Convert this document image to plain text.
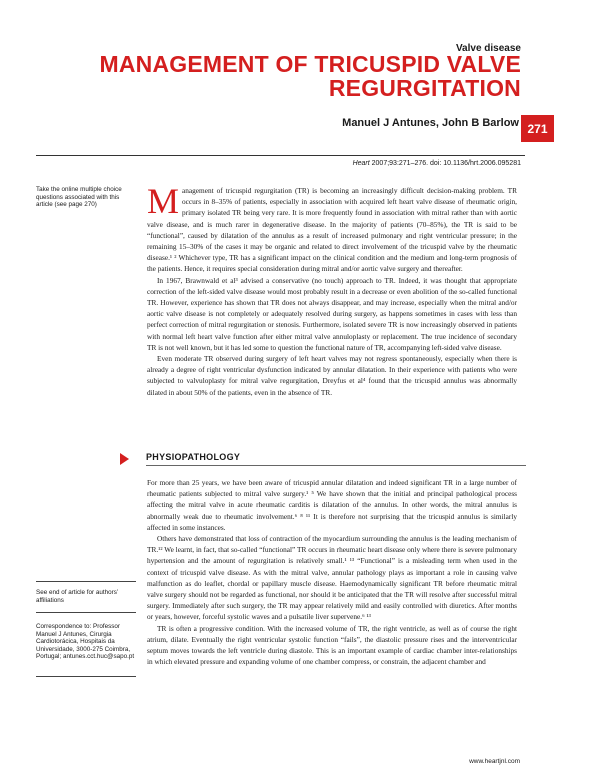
Valve disease
MANAGEMENT OF TRICUSPID VALVE
REGURGITATION
Manuel J Antunes, John B Barlow 271
Heart 2007;93:271–276. doi: 10.1136/hrt.2006.095281
Take the online multiple choice questions associated with this article (see page 270)
See end of article for authors’ affiliations
Correspondence to: Professor Manuel J Antunes, Cirurgia Cardiotorácica, Hospitais da Universidade, 3000-275 Coimbra, Portugal; antunes.cct.huc@sapo.pt

Management of tricuspid regurgitation (TR) is becoming an increasingly difficult decision-making problem. TR occurs in 8–35% of patients, especially in association with acquired left heart valve disease of rheumatic origin, primary isolated TR being very rare. It is more frequently found in association with mitral rather than with aortic valve disease, and is much rarer in degenerative disease. In the majority of patients (70–85%), the TR is said to be “functional”, caused by dilatation of the annulus as a result of increased pulmonary and right ventricular pressure; in the remaining 15–30% of the cases it may be organic and related to direct involvement of the tricuspid valve by the rheumatic disease.¹ ² Whichever type, TR has a significant impact on the clinical condition and the medium and long-term prognosis of the patients. Hence, it requires special consideration during mitral and/or aortic valve surgery and thereafter.

In 1967, Brawnwald et al³ advised a conservative (no touch) approach to TR. Indeed, it was thought that appropriate correction of the left-sided valve disease would most probably result in a decrease or even abolition of the so-called functional TR. However, experience has shown that TR does not always disappear, and may increase, especially when the mitral and/or aortic valve disease is not completely or adequately resolved during surgery, as happens sometimes in cases with less than perfect correction of mitral regurgitation or stenosis. Furthermore, isolated severe TR is now increasingly observed in patients with normal left heart valve function after either mitral valve annuloplasty or replacement. The true incidence of secondary TR is not well known, but it has led some to question the functional nature of TR, accompanying left-sided valve disease.

Even moderate TR observed during surgery of left heart valves may not regress spontaneously, especially when there is already a degree of right ventricular dysfunction indicated by annular dilatation. In their experience with patients who were subjected to valvuloplasty for mitral valve regurgitation, Dreyfus et al⁴ found that the tricuspid annulus was abnormally dilated in about 50% of the patients, even in the absence of TR.

PHYSIOPATHOLOGY

For more than 25 years, we have been aware of tricuspid annular dilatation and indeed significant TR in a large number of rheumatic patients subjected to mitral valve surgery.¹ ⁵ We have shown that the initial and principal pathological process affecting the mitral valve in acute rheumatic carditis is dilatation of the annulus. In other words, the mitral annulus is abnormally weak due to rheumatic involvement.⁶ ⁸ ¹¹ It is therefore not surprising that the tricuspid annulus is similarly affected in some instances.

Others have demonstrated that loss of contraction of the myocardium surrounding the annulus is the leading mechanism of TR.¹² We learnt, in fact, that so-called “functional” TR occurs in rheumatic heart disease only where there is severe pulmonary hypertension and the amount of regurgitation is relatively small.¹ ¹³ “Functional” is a misleading term when used in the context of tricuspid valve disease. As with the mitral valve, annular pathology plays as important a role in causing valve malfunction as do leaflet, chordal or papillary muscle disease. Haemodynamically significant TR before rheumatic mitral valve surgery should not be regarded as functional, nor should it be anticipated that the TR will resolve after successful mitral surgery. Immediately after such surgery, the TR may appear relatively mild and easily controlled with diuretics. After months or years, however, forceful systolic waves and a pulsatile liver supervene.⁶ ¹³

TR is often a progressive condition. With the increased volume of TR, the right ventricle, as well as of course the right atrium, dilate. Eventually the right ventricular systolic function “fails”, the diastolic pressure rises and the interventricular septum moves towards the left ventricle during diastole. This is an important example of cardiac chamber inter-relationships in which elevated pressure and expanding volume of one chamber compress, or constrain, the adjacent chamber and

www.heartjnl.com
